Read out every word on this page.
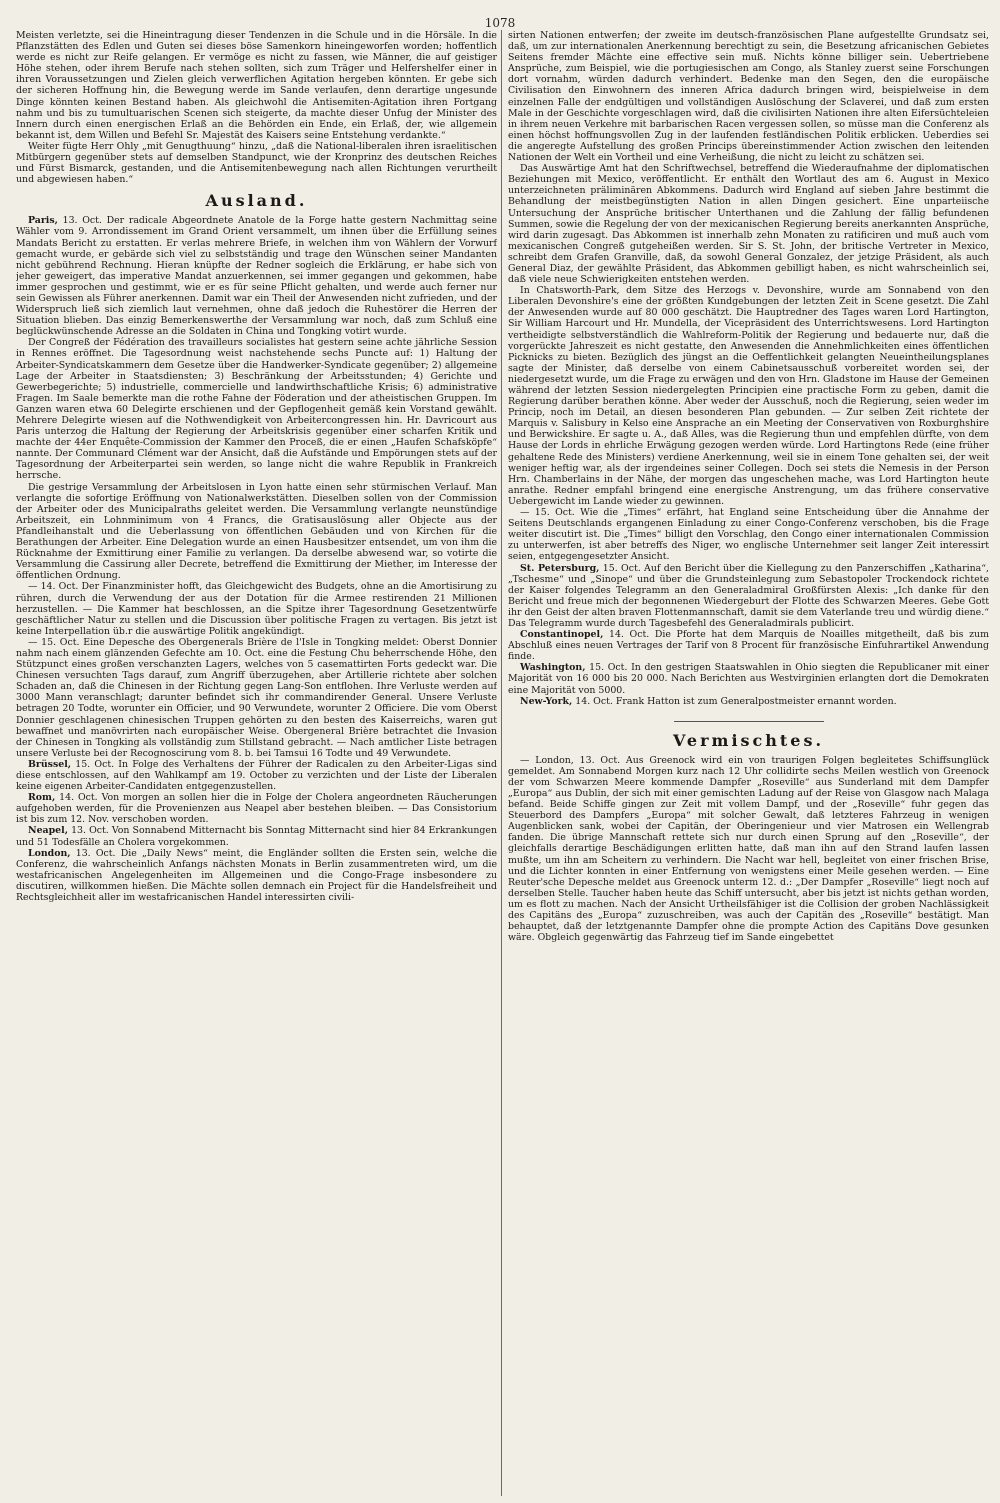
1078

Meisten verletzte, sei die Hineintragung dieser Tendenzen in die Schule und in die Hörsäle. In die Pflanzstätten des Edlen und Guten sei dieses böse Samenkorn hineingeworfen worden; hoffentlich werde es nicht zur Reife gelangen. Er vermöge es nicht zu fassen, wie Männer, die auf geistiger Höhe stehen, oder ihrem Berufe nach stehen sollten, sich zum Träger und Helfershelfer einer in ihren Voraussetzungen und Zielen gleich verwerflichen Agitation hergeben könnten. Er gebe sich der sicheren Hoffnung hin, die Bewegung werde im Sande verlaufen, denn derartige ungesunde Dinge könnten keinen Bestand haben. Als gleichwohl die Antisemiten-Agitation ihren Fortgang nahm und bis zu tumultuarischen Scenen sich steigerte, da machte dieser Unfug der Minister des Innern durch einen energischen Erlaß an die Behörden ein Ende, ein Erlaß, der, wie allgemein bekannt ist, dem Willen und Befehl Sr. Majestät des Kaisers seine Entstehung verdankte.“

Weiter fügte Herr Ohly „mit Genugthuung“ hinzu, „daß die National-liberalen ihren israelitischen Mitbürgern gegenüber stets auf demselben Standpunct, wie der Kronprinz des deutschen Reiches und Fürst Bismarck, gestanden, und die Antisemitenbewegung nach allen Richtungen verurtheilt und abgewiesen haben.“

Ausland.

Paris, 13. Oct. Der radicale Abgeordnete Anatole de la Forge hatte gestern Nachmittag seine Wähler vom 9. Arrondissement im Grand Orient versammelt, um ihnen über die Erfüllung seines Mandats Bericht zu erstatten. Er verlas mehrere Briefe, in welchen ihm von Wählern der Vorwurf gemacht wurde, er gebärde sich viel zu selbstständig und trage den Wünschen seiner Mandanten nicht gebührend Rechnung. Hieran knüpfte der Redner sogleich die Erklärung, er habe sich von jeher geweigert, das imperative Mandat anzuerkennen, sei immer gegangen und gekommen, habe immer gesprochen und gestimmt, wie er es für seine Pflicht gehalten, und werde auch ferner nur sein Gewissen als Führer anerkennen. Damit war ein Theil der Anwesenden nicht zufrieden, und der Widerspruch ließ sich ziemlich laut vernehmen, ohne daß jedoch die Ruhestörer die Herren der Situation blieben. Das einzig Bemerkenswerthe der Versammlung war noch, daß zum Schluß eine beglückwünschende Adresse an die Soldaten in China und Tongking votirt wurde.

Der Congreß der Fédération des travailleurs socialistes hat gestern seine achte jährliche Session in Rennes eröffnet. Die Tagesordnung weist nachstehende sechs Puncte auf: 1) Haltung der Arbeiter-Syndicatskammern dem Gesetze über die Handwerker-Syndicate gegenüber; 2) allgemeine Lage der Arbeiter in Staatsdiensten; 3) Beschränkung der Arbeitsstunden; 4) Gerichte und Gewerbegerichte; 5) industrielle, commercielle und landwirthschaftliche Krisis; 6) administrative Fragen. Im Saale bemerkte man die rothe Fahne der Föderation und der atheistischen Gruppen. Im Ganzen waren etwa 60 Delegirte erschienen und der Gepflogenheit gemäß kein Vorstand gewählt. Mehrere Delegirte wiesen auf die Nothwendigkeit von Arbeitercongressen hin. Hr. Davricourt aus Paris unterzog die Haltung der Regierung der Arbeitskrisis gegenüber einer scharfen Kritik und machte der 44er Enquête-Commission der Kammer den Proceß, die er einen „Haufen Schafsköpfe“ nannte. Der Communard Clément war der Ansicht, daß die Aufstände und Empörungen stets auf der Tagesordnung der Arbeiterpartei sein werden, so lange nicht die wahre Republik in Frankreich herrsche.

Die gestrige Versammlung der Arbeitslosen in Lyon hatte einen sehr stürmischen Verlauf. Man verlangte die sofortige Eröffnung von Nationalwerkstätten. Dieselben sollen von der Commission der Arbeiter oder des Municipalraths geleitet werden. Die Versammlung verlangte neunstündige Arbeitszeit, ein Lohnminimum von 4 Francs, die Gratisauslösung aller Objecte aus der Pfandleihanstalt und die Ueberlassung von öffentlichen Gebäuden und von Kirchen für die Berathungen der Arbeiter. Eine Delegation wurde an einen Hausbesitzer entsendet, um von ihm die Rücknahme der Exmittirung einer Familie zu verlangen. Da derselbe abwesend war, so votirte die Versammlung die Cassirung aller Decrete, betreffend die Exmittirung der Miether, im Interesse der öffentlichen Ordnung.

— 14. Oct. Der Finanzminister hofft, das Gleichgewicht des Budgets, ohne an die Amortisirung zu rühren, durch die Verwendung der aus der Dotation für die Armee restirenden 21 Millionen herzustellen. — Die Kammer hat beschlossen, an die Spitze ihrer Tagesordnung Gesetzentwürfe geschäftlicher Natur zu stellen und die Discussion über politische Fragen zu vertagen. Bis jetzt ist keine Interpellation üb.r die auswärtige Politik angekündigt.

— 15. Oct. Eine Depesche des Obergenerals Brière de l'Isle in Tongking meldet: Oberst Donnier nahm nach einem glänzenden Gefechte am 10. Oct. eine die Festung Chu beherrschende Höhe, den Stützpunct eines großen verschanzten Lagers, welches von 5 casemattirten Forts gedeckt war. Die Chinesen versuchten Tags darauf, zum Angriff überzugehen, aber Artillerie richtete aber solchen Schaden an, daß die Chinesen in der Richtung gegen Lang-Son entflohen. Ihre Verluste werden auf 3000 Mann veranschlagt; darunter befindet sich ihr commandirender General. Unsere Verluste betragen 20 Todte, worunter ein Officier, und 90 Verwundete, worunter 2 Officiere. Die vom Oberst Donnier geschlagenen chinesischen Truppen gehörten zu den besten des Kaiserreichs, waren gut bewaffnet und manövrirten nach europäischer Weise. Obergeneral Brière betrachtet die Invasion der Chinesen in Tongking als vollständig zum Stillstand gebracht. — Nach amtlicher Liste betragen unsere Verluste bei der Recognoscirung vom 8. b. bei Tamsui 16 Todte und 49 Verwundete.

Brüssel, 15. Oct. In Folge des Verhaltens der Führer der Radicalen zu den Arbeiter-Ligas sind diese entschlossen, auf den Wahlkampf am 19. October zu verzichten und der Liste der Liberalen keine eigenen Arbeiter-Candidaten entgegenzustellen.

Rom, 14. Oct. Von morgen an sollen hier die in Folge der Cholera angeordneten Räucherungen aufgehoben werden, für die Provenienzen aus Neapel aber bestehen bleiben. — Das Consistorium ist bis zum 12. Nov. verschoben worden.

Neapel, 13. Oct. Von Sonnabend Mitternacht bis Sonntag Mitternacht sind hier 84 Erkrankungen und 51 Todesfälle an Cholera vorgekommen.

London, 13. Oct. Die „Daily News“ meint, die Engländer sollten die Ersten sein, welche die Conferenz, die wahrscheinlich Anfangs nächsten Monats in Berlin zusammentreten wird, um die westafricanischen Angelegenheiten im Allgemeinen und die Congo-Frage insbesondere zu discutiren, willkommen hießen. Die Mächte sollen demnach ein Project für die Handelsfreiheit und Rechtsgleichheit aller im westafricanischen Handel interessirten civili-

sirten Nationen entwerfen; der zweite im deutsch-französischen Plane aufgestellte Grundsatz sei, daß, um zur internationalen Anerkennung berechtigt zu sein, die Besetzung africanischen Gebietes Seitens fremder Mächte eine effective sein muß. Nichts könne billiger sein. Uebertriebene Ansprüche, zum Beispiel, wie die portugiesischen am Congo, als Stanley zuerst seine Forschungen dort vornahm, würden dadurch verhindert. Bedenke man den Segen, den die europäische Civilisation den Einwohnern des inneren Africa dadurch bringen wird, beispielweise in dem einzelnen Falle der endgültigen und vollständigen Auslöschung der Sclaverei, und daß zum ersten Male in der Geschichte vorgeschlagen wird, daß die civilisirten Nationen ihre alten Eifersüchteleien in ihrem neuen Verkehre mit barbarischen Racen vergessen sollen, so müsse man die Conferenz als einen höchst hoffnungsvollen Zug in der laufenden festländischen Politik erblicken. Ueberdies sei die angeregte Aufstellung des großen Princips übereinstimmender Action zwischen den leitenden Nationen der Welt ein Vortheil und eine Verheißung, die nicht zu leicht zu schätzen sei.

Das Auswärtige Amt hat den Schriftwechsel, betreffend die Wiederaufnahme der diplomatischen Beziehungen mit Mexico, veröffentlicht. Er enthält den Wortlaut des am 6. August in Mexico unterzeichneten präliminären Abkommens. Dadurch wird England auf sieben Jahre bestimmt die Behandlung der meistbegünstigten Nation in allen Dingen gesichert. Eine unparteiische Untersuchung der Ansprüche britischer Unterthanen und die Zahlung der fällig befundenen Summen, sowie die Regelung der von der mexicanischen Regierung bereits anerkannten Ansprüche, wird darin zugesagt. Das Abkommen ist innerhalb zehn Monaten zu ratificiren und muß auch vom mexicanischen Congreß gutgeheißen werden. Sir S. St. John, der britische Vertreter in Mexico, schreibt dem Grafen Granville, daß, da sowohl General Gonzalez, der jetzige Präsident, als auch General Diaz, der gewählte Präsident, das Abkommen gebilligt haben, es nicht wahrscheinlich sei, daß viele neue Schwierigkeiten entstehen werden.

In Chatsworth-Park, dem Sitze des Herzogs v. Devonshire, wurde am Sonnabend von den Liberalen Devonshire's eine der größten Kundgebungen der letzten Zeit in Scene gesetzt. Die Zahl der Anwesenden wurde auf 80 000 geschätzt. Die Hauptredner des Tages waren Lord Hartington, Sir William Harcourt und Hr. Mundella, der Vicepräsident des Unterrichtswesens. Lord Hartington vertheidigte selbstverständlich die Wahlreform-Politik der Regierung und bedauerte nur, daß die vorgerückte Jahreszeit es nicht gestatte, den Anwesenden die Annehmlichkeiten eines öffentlichen Picknicks zu bieten. Bezüglich des jüngst an die Oeffentlichkeit gelangten Neueintheilungsplanes sagte der Minister, daß derselbe von einem Cabinetsausschuß vorbereitet worden sei, der niedergesetzt wurde, um die Frage zu erwägen und den von Hrn. Gladstone im Hause der Gemeinen während der letzten Session niedergelegten Principien eine practische Form zu geben, damit die Regierung darüber berathen könne. Aber weder der Ausschuß, noch die Regierung, seien weder im Princip, noch im Detail, an diesen besonderen Plan gebunden. — Zur selben Zeit richtete der Marquis v. Salisbury in Kelso eine Ansprache an ein Meeting der Conservativen von Roxburghshire und Berwickshire. Er sagte u. A., daß Alles, was die Regierung thun und empfehlen dürfte, von dem Hause der Lords in ehrliche Erwägung gezogen werden würde. Lord Hartingtons Rede (eine früher gehaltene Rede des Ministers) verdiene Anerkennung, weil sie in einem Tone gehalten sei, der weit weniger heftig war, als der irgendeines seiner Collegen. Doch sei stets die Nemesis in der Person Hrn. Chamberlains in der Nähe, der morgen das ungeschehen mache, was Lord Hartington heute anrathe. Redner empfahl bringend eine energische Anstrengung, um das frühere conservative Uebergewicht im Lande wieder zu gewinnen.

— 15. Oct. Wie die „Times“ erfährt, hat England seine Entscheidung über die Annahme der Seitens Deutschlands ergangenen Einladung zu einer Congo-Conferenz verschoben, bis die Frage weiter discutirt ist. Die „Times“ billigt den Vorschlag, den Congo einer internationalen Commission zu unterwerfen, ist aber betreffs des Niger, wo englische Unternehmer seit langer Zeit interessirt seien, entgegengesetzter Ansicht.

St. Petersburg, 15. Oct. Auf den Bericht über die Kiellegung zu den Panzerschiffen „Katharina“, „Tschesme“ und „Sinope“ und über die Grundsteinlegung zum Sebastopoler Trockendock richtete der Kaiser folgendes Telegramm an den Generaladmiral Großfürsten Alexis: „Ich danke für den Bericht und freue mich der begonnenen Wiedergeburt der Flotte des Schwarzen Meeres. Gebe Gott ihr den Geist der alten braven Flottenmannschaft, damit sie dem Vaterlande treu und würdig diene.“ Das Telegramm wurde durch Tagesbefehl des Generaladmirals publicirt.

Constantinopel, 14. Oct. Die Pforte hat dem Marquis de Noailles mitgetheilt, daß bis zum Abschluß eines neuen Vertrages der Tarif von 8 Procent für französische Einfuhrartikel Anwendung finde.

Washington, 15. Oct. In den gestrigen Staatswahlen in Ohio siegten die Republicaner mit einer Majorität von 16 000 bis 20 000. Nach Berichten aus Westvirginien erlangten dort die Demokraten eine Majorität von 5000.

New-York, 14. Oct. Frank Hatton ist zum Generalpostmeister ernannt worden.

Vermischtes.

— London, 13. Oct. Aus Greenock wird ein von traurigen Folgen begleitetes Schiffsunglück gemeldet. Am Sonnabend Morgen kurz nach 12 Uhr collidirte sechs Meilen westlich von Greenock der vom Schwarzen Meere kommende Dampfer „Roseville“ aus Sunderland mit dem Dampfer „Europa“ aus Dublin, der sich mit einer gemischten Ladung auf der Reise von Glasgow nach Malaga befand. Beide Schiffe gingen zur Zeit mit vollem Dampf, und der „Roseville“ fuhr gegen das Steuerbord des Dampfers „Europa“ mit solcher Gewalt, daß letzteres Fahrzeug in wenigen Augenblicken sank, wobei der Capitän, der Oberingenieur und vier Matrosen ein Wellengrab fanden. Die übrige Mannschaft rettete sich nur durch einen Sprung auf den „Roseville“, der gleichfalls derartige Beschädigungen erlitten hatte, daß man ihn auf den Strand laufen lassen mußte, um ihn am Scheitern zu verhindern. Die Nacht war hell, begleitet von einer frischen Brise, und die Lichter konnten in einer Entfernung von wenigstens einer Meile gesehen werden. — Eine Reuter'sche Depesche meldet aus Greenock unterm 12. d.: „Der Dampfer „Roseville“ liegt noch auf derselben Stelle. Taucher haben heute das Schiff untersucht, aber bis jetzt ist nichts gethan worden, um es flott zu machen. Nach der Ansicht Urtheilsfähiger ist die Collision der groben Nachlässigkeit des Capitäns des „Europa“ zuzuschreiben, was auch der Capitän des „Roseville“ bestätigt. Man behauptet, daß der letztgenannte Dampfer ohne die prompte Action des Capitäns Dove gesunken wäre. Obgleich gegenwärtig das Fahrzeug tief im Sande eingebettet
